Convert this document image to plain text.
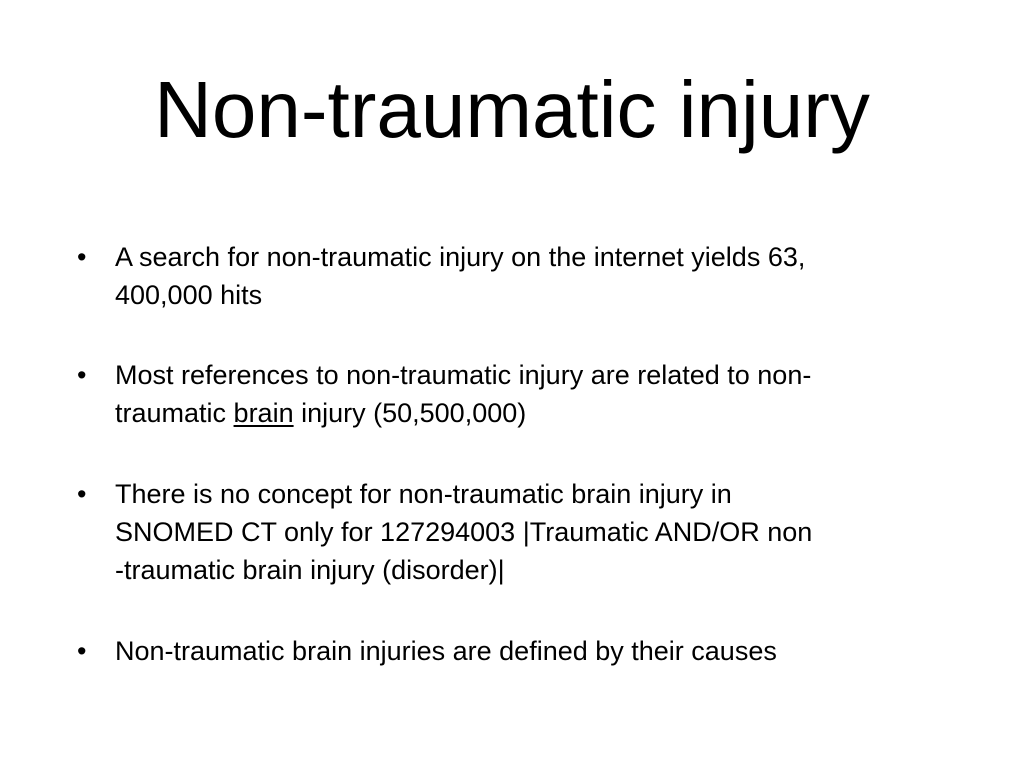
Non-traumatic injury
• A search for non-traumatic injury on the internet yields 63,
400,000 hits
• Most references to non-traumatic injury are related to non-
traumatic brain injury (50,500,000)
• There is no concept for non-traumatic brain injury in
SNOMED CT only for 127294003 |Traumatic AND/OR non
-traumatic brain injury (disorder)|
• Non-traumatic brain injuries are defined by their causes
